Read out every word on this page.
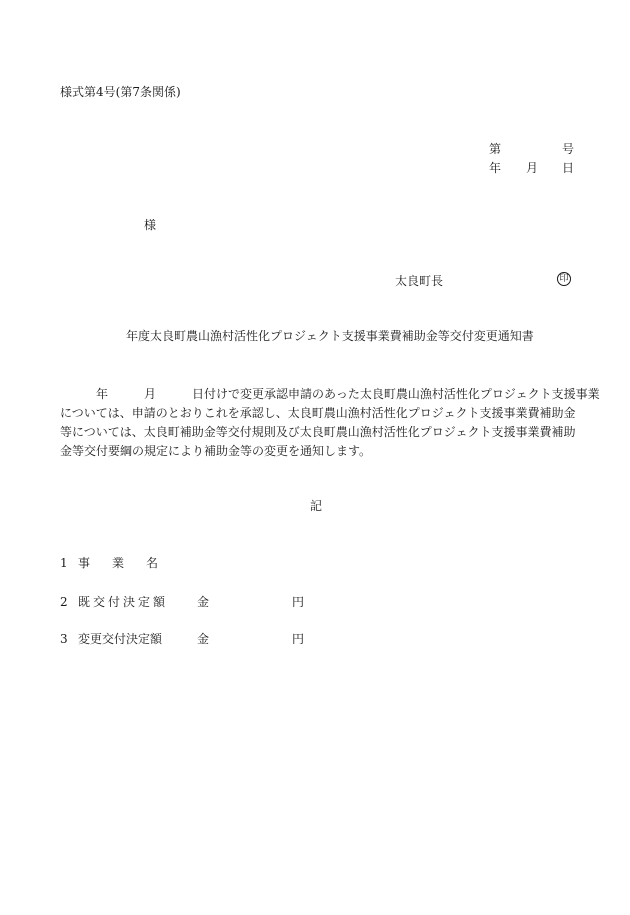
様式第4号(第7条関係)
第	号
年 月 日
様
太良町長	印
年度太良町農山漁村活性化プロジェクト支援事業費補助金等交付変更通知書
年	月	日付けで変更承認申請のあった太良町農山漁村活性化プロジェクト支援事業
については、申請のとおりこれを承認し、太良町農山漁村活性化プロジェクト支援事業費補助金
等については、太良町補助金等交付規則及び太良町農山漁村活性化プロジェクト支援事業費補助
金等交付要綱の規定により補助金等の変更を通知します。
記
1 事業名
2 既交付決定額 金	円
3 変更交付決定額	金	円
